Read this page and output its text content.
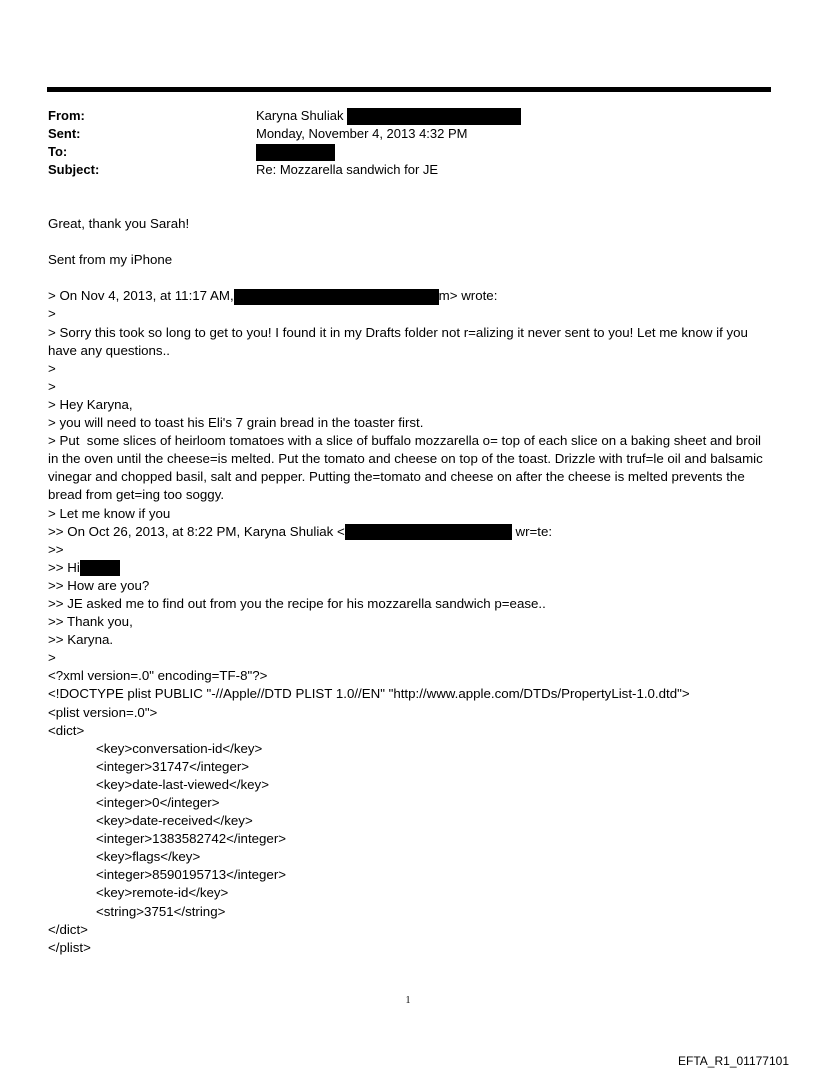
From:	Karyna Shuliak
Sent:	Monday, November 4, 2013 4:32 PM
To:
Subject:	Re: Mozzarella sandwich for JE

Great, thank you Sarah!

Sent from my iPhone

> On Nov 4, 2013, at 11:17 AM,	m> wrote:

>

> Sorry this took so long to get to you! I found it in my Drafts folder not r=alizing it never sent to you! Let me know if you have any questions..

>

>

> Hey Karyna,

> you will need to toast his Eli's 7 grain bread in the toaster first.

> Put  some slices of heirloom tomatoes with a slice of buffalo mozzarella o= top of each slice on a baking sheet and broil in the oven until the cheese=is melted. Put the tomato and cheese on top of the toast. Drizzle with truf=le oil and balsamic vinegar and chopped basil, salt and pepper. Putting the=tomato and cheese on after the cheese is melted prevents the bread from get=ing too soggy.

> Let me know if you

>> On Oct 26, 2013, at 8:22 PM, Karyna Shuliak <	wr=te:

>>

>> Hi

>> How are you?

>> JE asked me to find out from you the recipe for his mozzarella sandwich p=ease..

>> Thank you,

>> Karyna.

>

<?xml version=.0" encoding=TF-8"?>

<!DOCTYPE plist PUBLIC "-//Apple//DTD PLIST 1.0//EN" "http://www.apple.com/DTDs/PropertyList-1.0.dtd">

<plist version=.0">

<dict>

<key>conversation-id</key>

<integer>31747</integer>

<key>date-last-viewed</key>

<integer>0</integer>

<key>date-received</key>

<integer>1383582742</integer>

<key>flags</key>

<integer>8590195713</integer>

<key>remote-id</key>

<string>3751</string>

</dict>

</plist>

1
EFTA_R1_01177101
